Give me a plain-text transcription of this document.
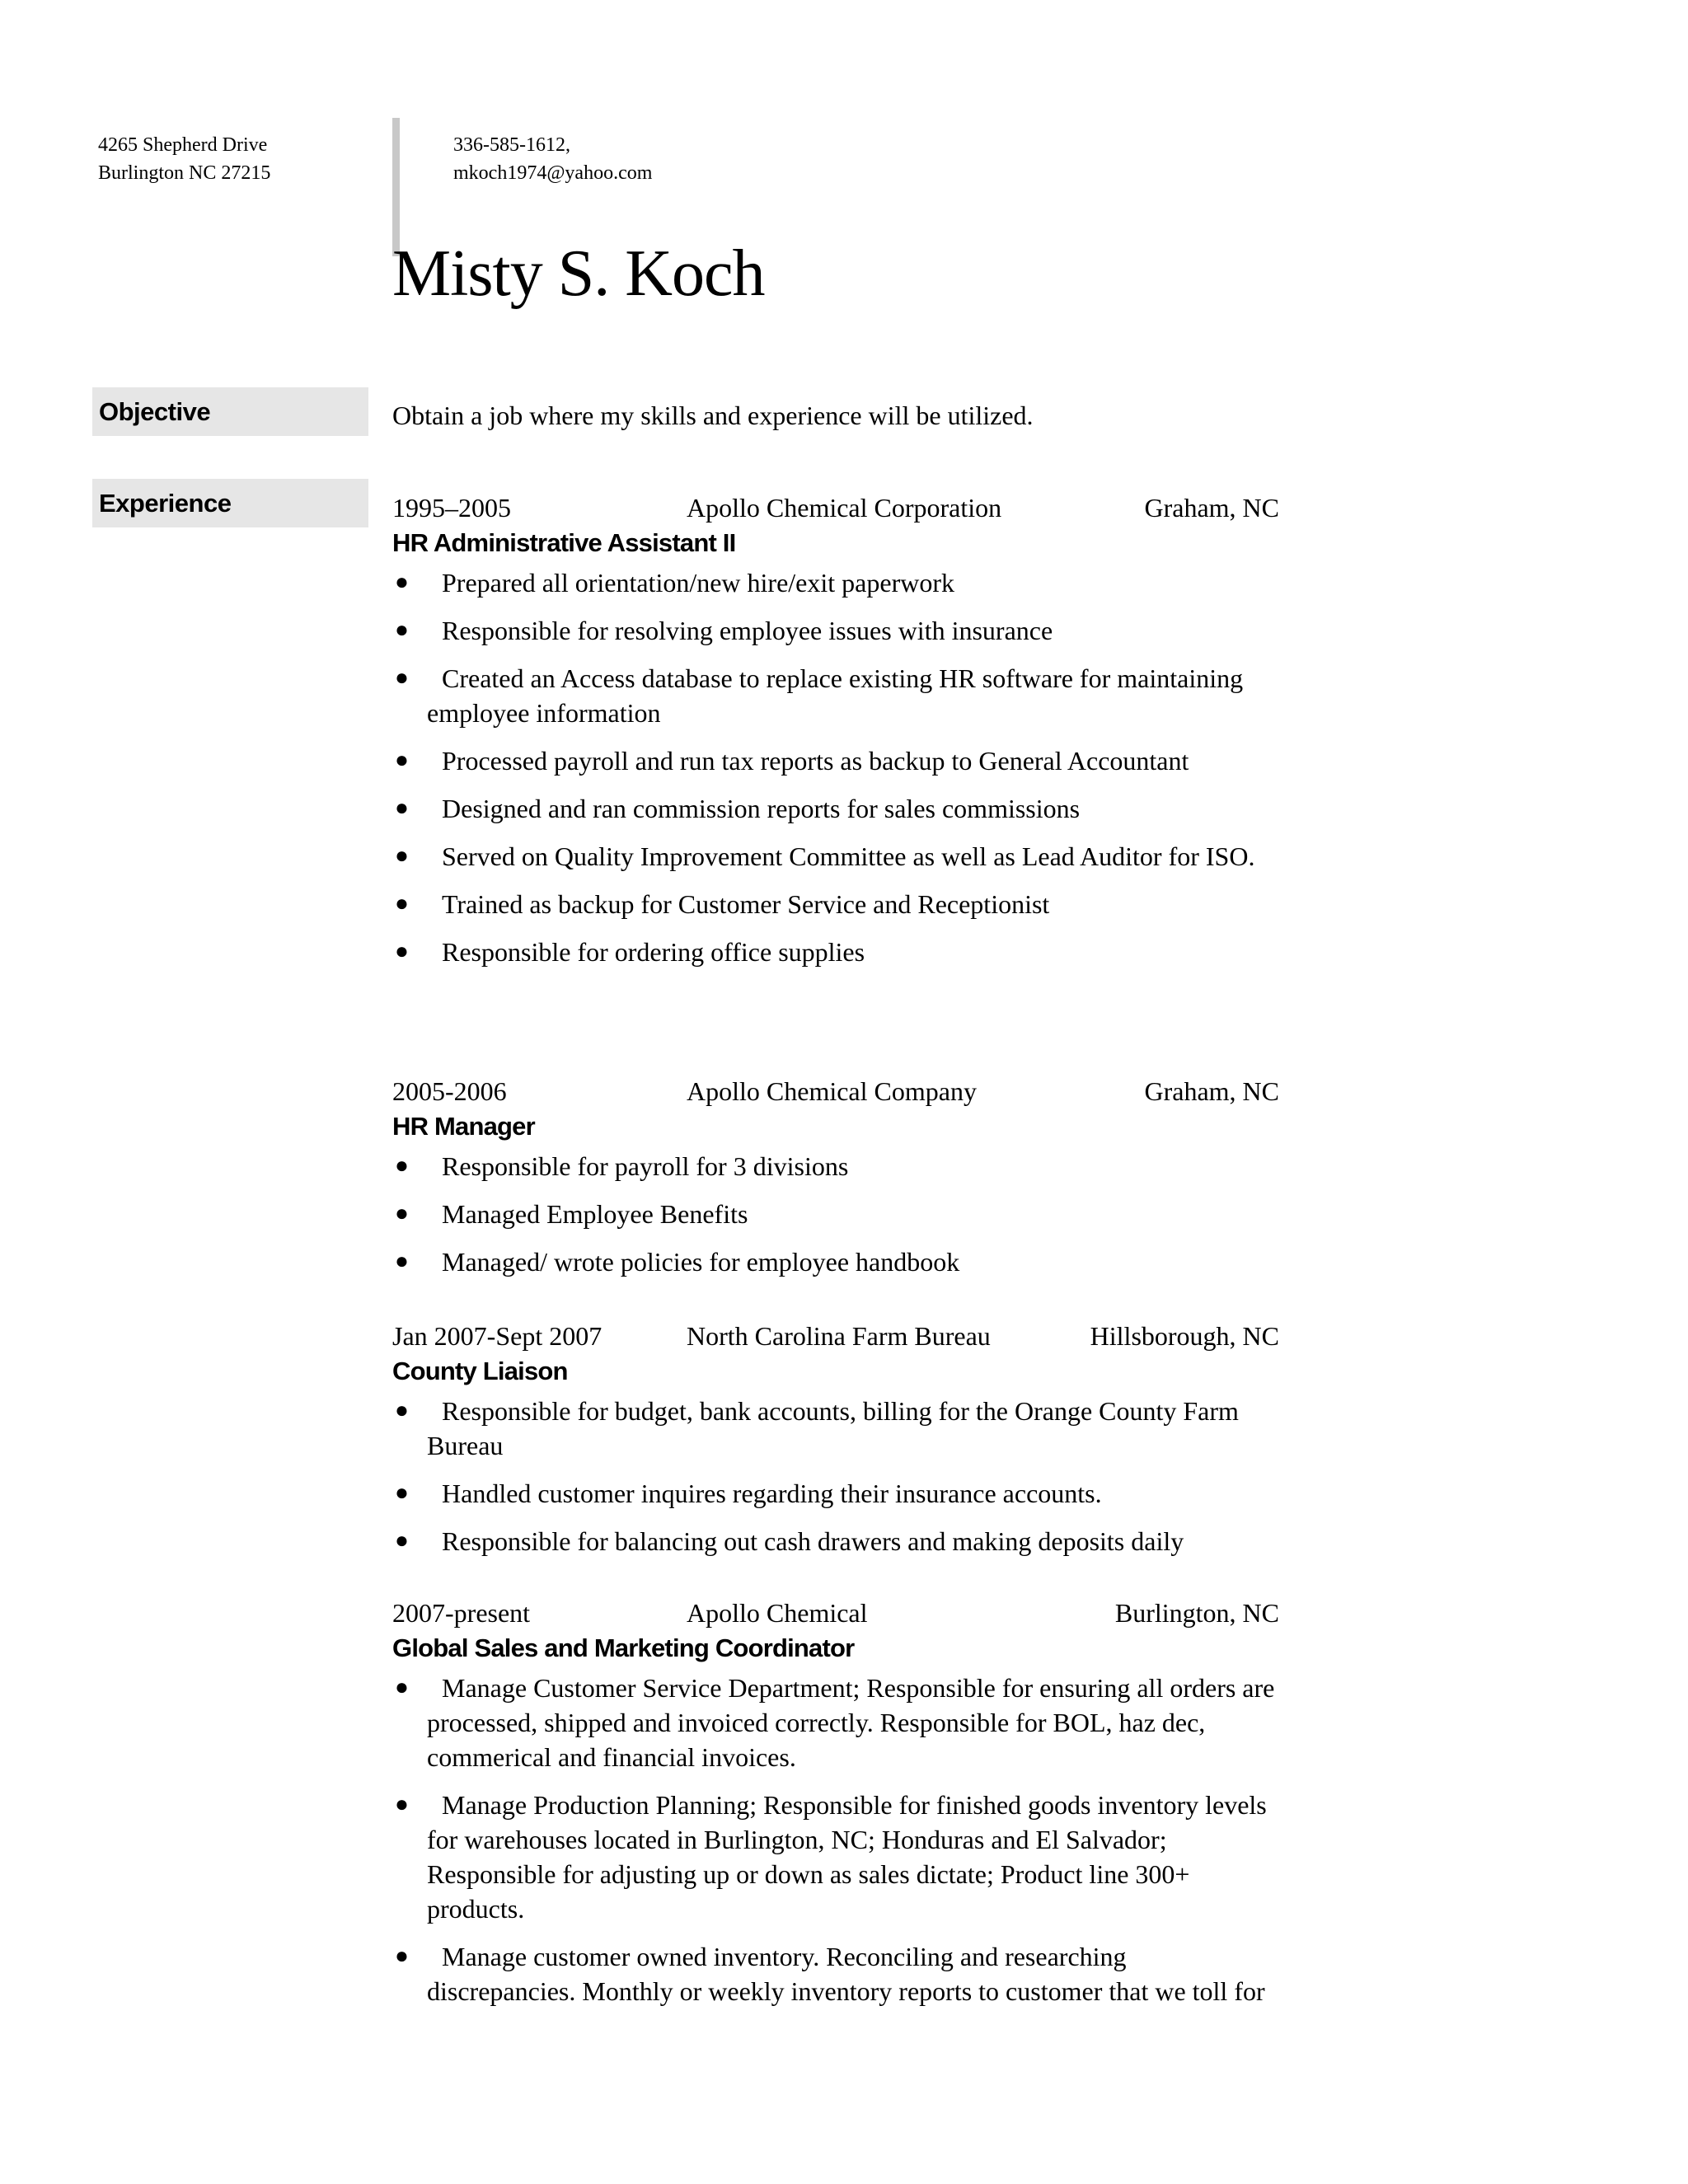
4265 Shepherd Drive
Burlington NC 27215
336-585-1612,
mkoch1974@yahoo.com
Misty S. Koch
Objective	Obtain a job where my skills and experience will be utilized.
Experience	1995–2005	Apollo Chemical Corporation	Graham, NC
HR Administrative Assistant II
●	Prepared all orientation/new hire/exit paperwork
●	Responsible for resolving employee issues with insurance
●	Created an Access database to replace existing HR software for maintaining employee information
●	Processed payroll and run tax reports as backup to General Accountant
●	Designed and ran commission reports for sales commissions
●	Served on Quality Improvement Committee as well as Lead Auditor for ISO.
●	Trained as backup for Customer Service and Receptionist
●	Responsible for ordering office supplies
2005-2006	Apollo Chemical Company	Graham, NC
HR Manager
●	Responsible for payroll for 3 divisions
●	Managed Employee Benefits
●	Managed/ wrote policies for employee handbook
Jan 2007-Sept 2007	North Carolina Farm Bureau	Hillsborough, NC
County Liaison
●	Responsible for budget, bank accounts, billing for the Orange County Farm Bureau
●	Handled customer inquires regarding their insurance accounts.
●	Responsible for balancing out cash drawers and making deposits daily
2007-present	Apollo Chemical	Burlington, NC
Global Sales and Marketing Coordinator
●	Manage Customer Service Department; Responsible for ensuring all orders are processed, shipped and invoiced correctly. Responsible for BOL, haz dec, commerical and financial invoices.
●	Manage Production Planning; Responsible for finished goods inventory levels for warehouses located in Burlington, NC; Honduras and El Salvador; Responsible for adjusting up or down as sales dictate; Product line 300+ products.
●	Manage customer owned inventory. Reconciling and researching discrepancies. Monthly or weekly inventory reports to customer that we toll for
